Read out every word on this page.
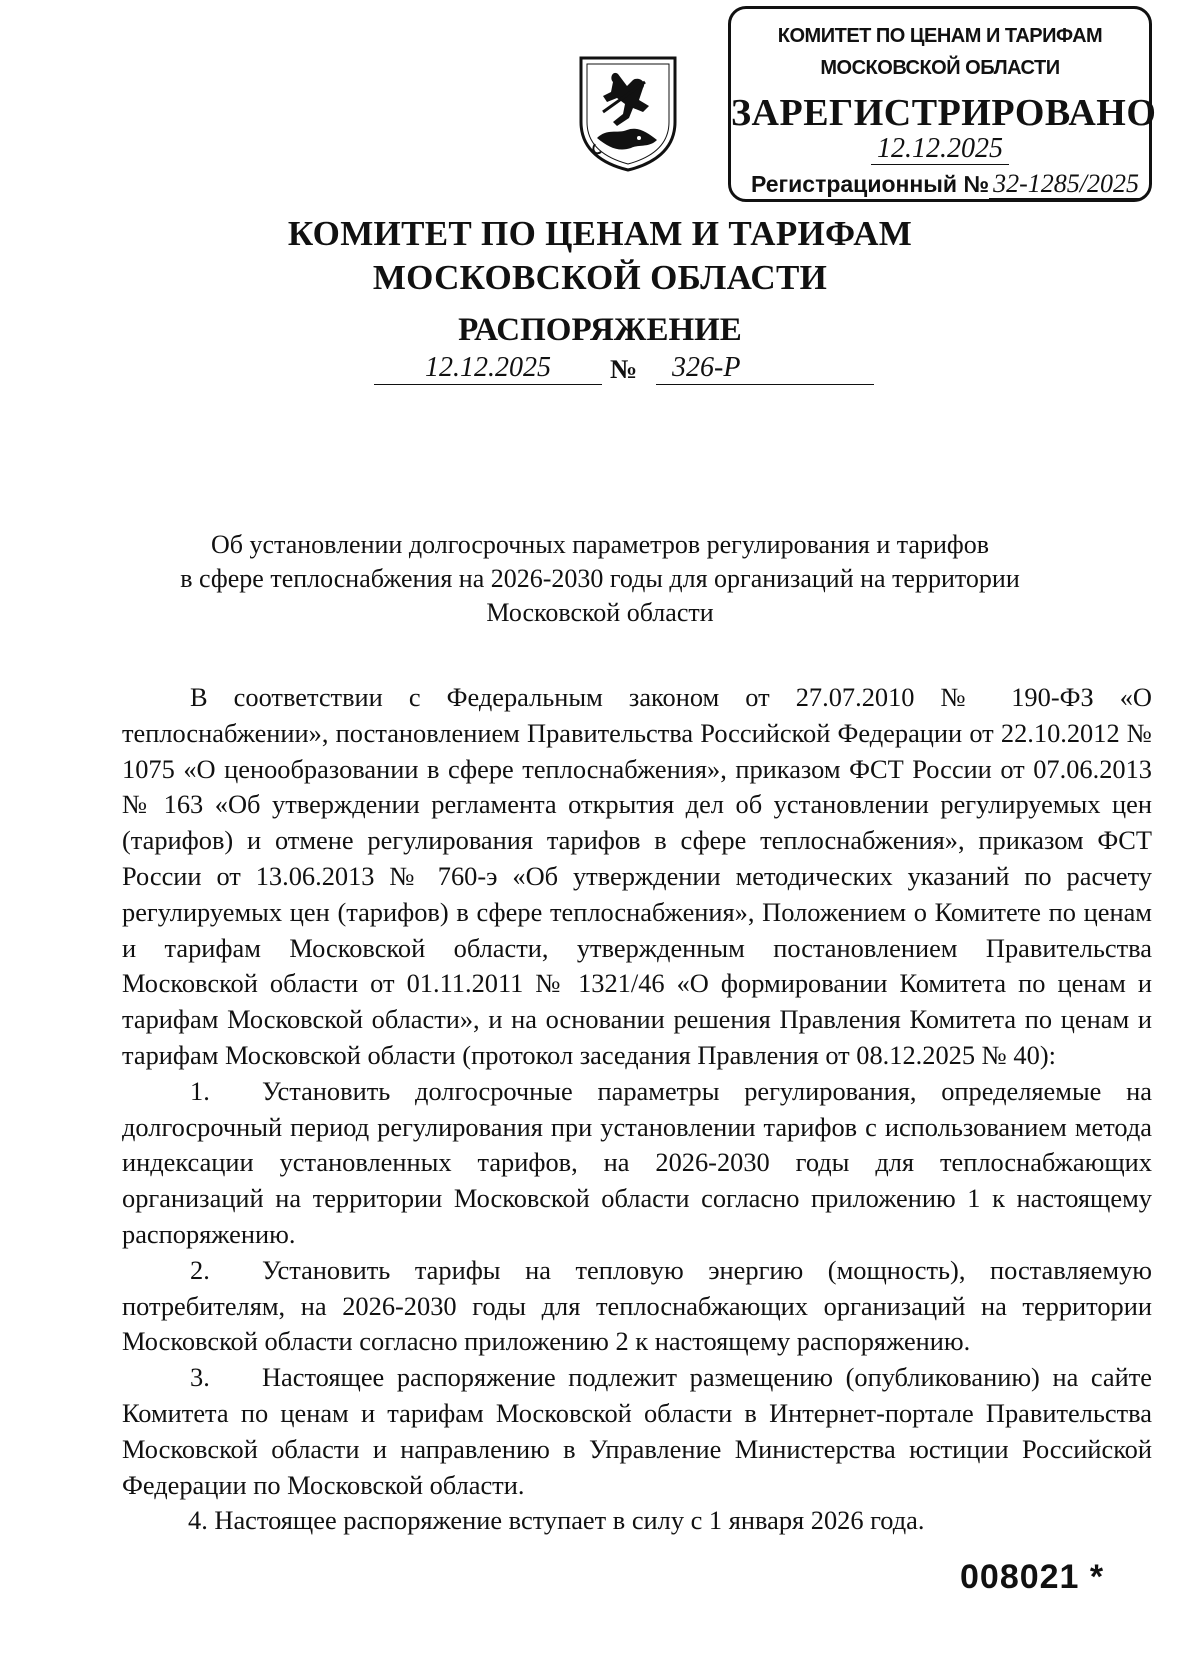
КОМИТЕТ ПО ЦЕНАМ И ТАРИФАМ
МОСКОВСКОЙ ОБЛАСТИ
ЗАРЕГИСТРИРОВАНО
12.12.2025
Регистрационный № 32-1285/2025
КОМИТЕТ ПО ЦЕНАМ И ТАРИФАМ
МОСКОВСКОЙ ОБЛАСТИ
РАСПОРЯЖЕНИЕ
12.12.2025	№	326-Р
Об установлении долгосрочных параметров регулирования и тарифов
в сфере теплоснабжения на 2026-2030 годы для организаций на территории
Московской области

В соответствии с Федеральным законом от 27.07.2010 № 190-ФЗ «О теплоснабжении», постановлением Правительства Российской Федерации от 22.10.2012 № 1075 «О ценообразовании в сфере теплоснабжения», приказом ФСТ России от 07.06.2013 № 163 «Об утверждении регламента открытия дел об установлении регулируемых цен (тарифов) и отмене регулирования тарифов в сфере теплоснабжения», приказом ФСТ России от 13.06.2013 № 760-э «Об утверждении методических указаний по расчету регулируемых цен (тарифов) в сфере теплоснабжения», Положением о Комитете по ценам и тарифам Московской области, утвержденным постановлением Правительства Московской области от 01.11.2011 № 1321/46 «О формировании Комитета по ценам и тарифам Московской области», и на основании решения Правления Комитета по ценам и тарифам Московской области (протокол заседания Правления от 08.12.2025 № 40):

1. Установить долгосрочные параметры регулирования, определяемые на долгосрочный период регулирования при установлении тарифов с использованием метода индексации установленных тарифов, на 2026-2030 годы для теплоснабжающих организаций на территории Московской области согласно приложению 1 к настоящему распоряжению.

2. Установить тарифы на тепловую энергию (мощность), поставляемую потребителям, на 2026-2030 годы для теплоснабжающих организаций на территории Московской области согласно приложению 2 к настоящему распоряжению.

3. Настоящее распоряжение подлежит размещению (опубликованию) на сайте Комитета по ценам и тарифам Московской области в Интернет-портале Правительства Московской области и направлению в Управление Министерства юстиции Российской Федерации по Московской области.

4. Настоящее распоряжение вступает в силу с 1 января 2026 года.

008021 *
